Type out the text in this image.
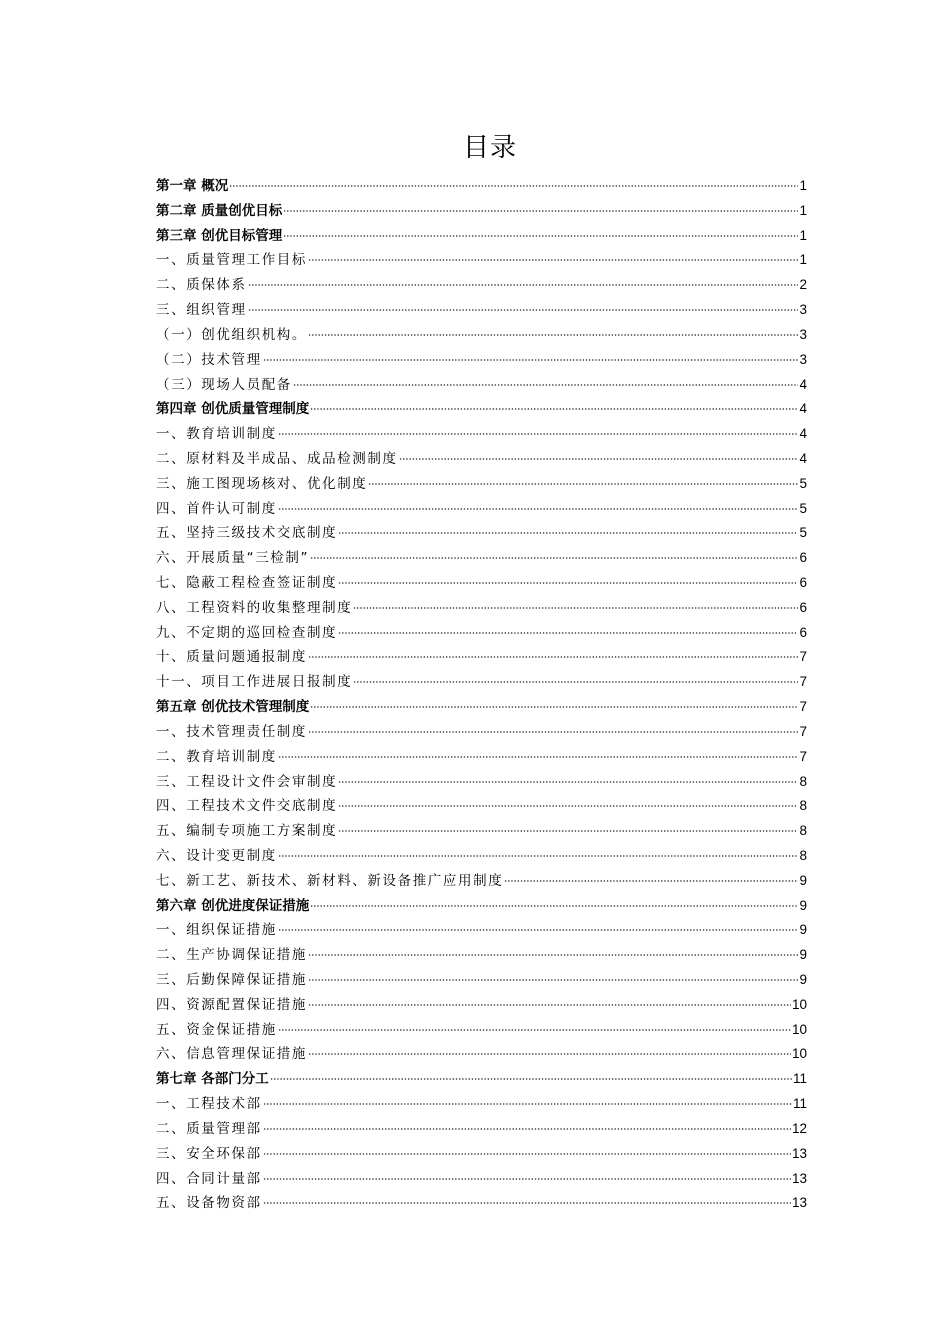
目录
第一章 概况	1
第二章 质量创优目标	1
第三章 创优目标管理	1
一、质量管理工作目标	1
二、质保体系	2
三、组织管理	3
（一）创优组织机构。	3
（二）技术管理	3
（三）现场人员配备	4
第四章 创优质量管理制度	4
一、教育培训制度	4
二、原材料及半成品、成品检测制度	4
三、施工图现场核对、优化制度	5
四、首件认可制度	5
五、坚持三级技术交底制度	5
六、开展质量“三检制”	6
七、隐蔽工程检查签证制度	6
八、工程资料的收集整理制度	6
九、不定期的巡回检查制度	6
十、质量问题通报制度	7
十一、项目工作进展日报制度	7
第五章 创优技术管理制度	7
一、技术管理责任制度	7
二、教育培训制度	7
三、工程设计文件会审制度	8
四、工程技术文件交底制度	8
五、编制专项施工方案制度	8
六、设计变更制度	8
七、新工艺、新技术、新材料、新设备推广应用制度	9
第六章 创优进度保证措施	9
一、组织保证措施	9
二、生产协调保证措施	9
三、后勤保障保证措施	9
四、资源配置保证措施	10
五、资金保证措施	10
六、信息管理保证措施	10
第七章 各部门分工	11
一、工程技术部	11
二、质量管理部	12
三、安全环保部	13
四、合同计量部	13
五、设备物资部	13
